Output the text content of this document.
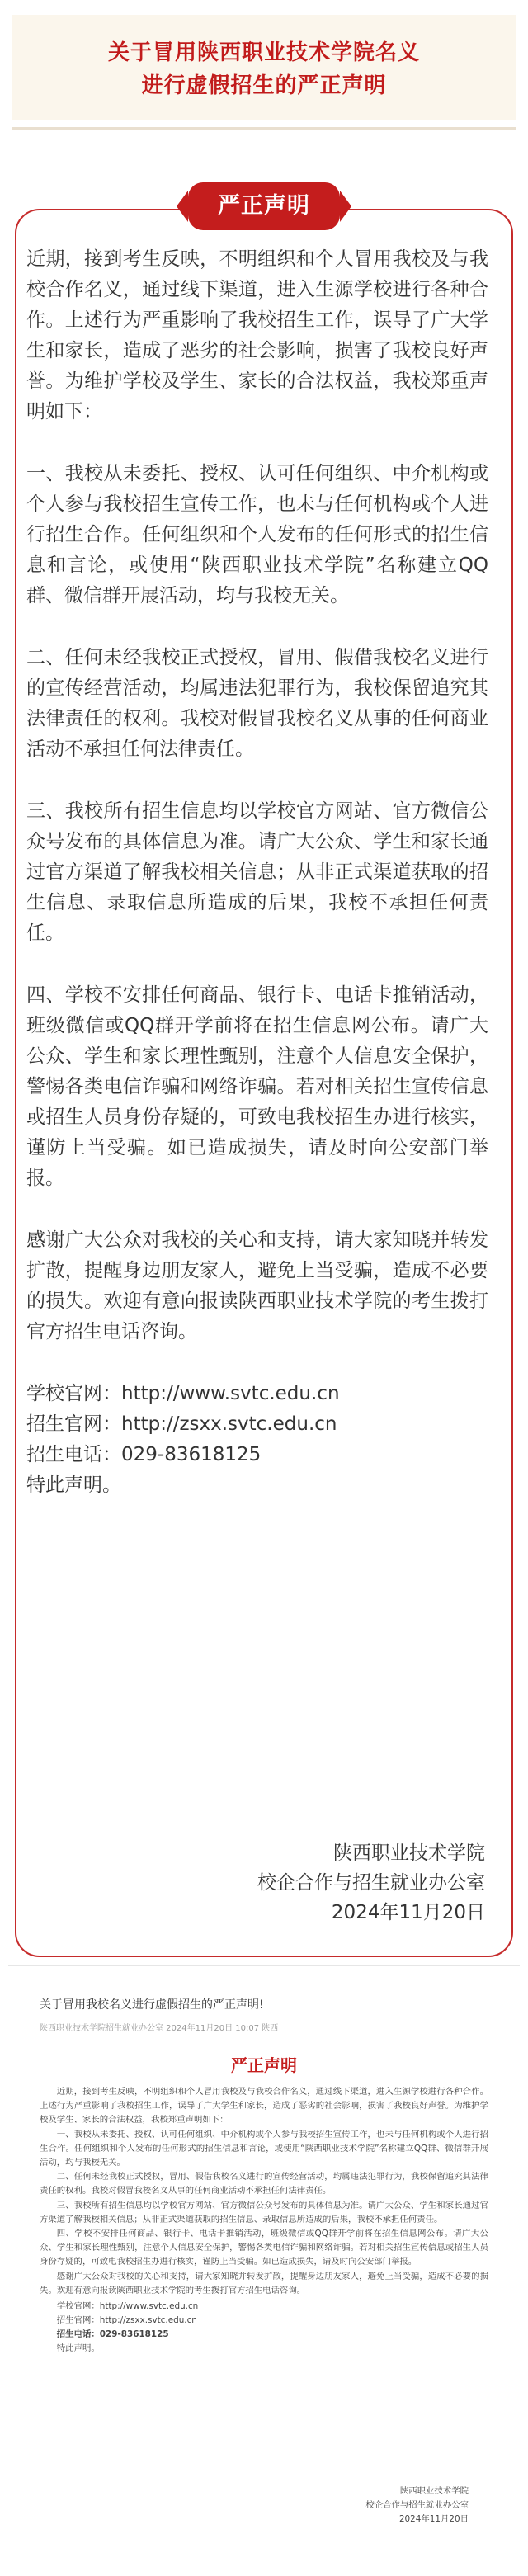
关于冒用陕西职业技术学院名义
进行虚假招生的严正声明
严正声明

近期，接到考生反映，不明组织和个人冒用我校及与我校合作名义，通过线下渠道，进入生源学校进行各种合作。上述行为严重影响了我校招生工作，误导了广大学生和家长，造成了恶劣的社会影响，损害了我校良好声誉。为维护学校及学生、家长的合法权益，我校郑重声明如下：

一、我校从未委托、授权、认可任何组织、中介机构或个人参与我校招生宣传工作，也未与任何机构或个人进行招生合作。任何组织和个人发布的任何形式的招生信息和言论，或使用“陕西职业技术学院”名称建立QQ群、微信群开展活动，均与我校无关。

二、任何未经我校正式授权，冒用、假借我校名义进行的宣传经营活动，均属违法犯罪行为，我校保留追究其法律责任的权利。我校对假冒我校名义从事的任何商业活动不承担任何法律责任。

三、我校所有招生信息均以学校官方网站、官方微信公众号发布的具体信息为准。请广大公众、学生和家长通过官方渠道了解我校相关信息；从非正式渠道获取的招生信息、录取信息所造成的后果，我校不承担任何责任。

四、学校不安排任何商品、银行卡、电话卡推销活动，班级微信或QQ群开学前将在招生信息网公布。请广大公众、学生和家长理性甄别，注意个人信息安全保护，警惕各类电信诈骗和网络诈骗。若对相关招生宣传信息或招生人员身份存疑的，可致电我校招生办进行核实，谨防上当受骗。如已造成损失，请及时向公安部门举报。

感谢广大公众对我校的关心和支持，请大家知晓并转发扩散，提醒身边朋友家人，避免上当受骗，造成不必要的损失。欢迎有意向报读陕西职业技术学院的考生拨打官方招生电话咨询。

学校官网：http://www.svtc.edu.cn

招生官网：http://zsxx.svtc.edu.cn

招生电话：029-83618125

特此声明。

陕西职业技术学院
校企合作与招生就业办公室
2024年11月20日
关于冒用我校名义进行虚假招生的严正声明!
陕西职业技术学院招生就业办公室 2024年11月20日 10:07 陕西
严正声明

近期，接到考生反映，不明组织和个人冒用我校及与我校合作名义，通过线下渠道，进入生源学校进行各种合作。上述行为严重影响了我校招生工作，误导了广大学生和家长，造成了恶劣的社会影响，损害了我校良好声誉。为维护学校及学生、家长的合法权益，我校郑重声明如下：

一、我校从未委托、授权、认可任何组织、中介机构或个人参与我校招生宣传工作，也未与任何机构或个人进行招生合作。任何组织和个人发布的任何形式的招生信息和言论，或使用“陕西职业技术学院”名称建立QQ群、微信群开展活动，均与我校无关。

二、任何未经我校正式授权，冒用、假借我校名义进行的宣传经营活动，均属违法犯罪行为，我校保留追究其法律责任的权利。我校对假冒我校名义从事的任何商业活动不承担任何法律责任。

三、我校所有招生信息均以学校官方网站、官方微信公众号发布的具体信息为准。请广大公众、学生和家长通过官方渠道了解我校相关信息；从非正式渠道获取的招生信息、录取信息所造成的后果，我校不承担任何责任。

四、学校不安排任何商品、银行卡、电话卡推销活动，班级微信或QQ群开学前将在招生信息网公布。请广大公众、学生和家长理性甄别，注意个人信息安全保护，警惕各类电信诈骗和网络诈骗。若对相关招生宣传信息或招生人员身份存疑的，可致电我校招生办进行核实，谨防上当受骗。如已造成损失，请及时向公安部门举报。

感谢广大公众对我校的关心和支持，请大家知晓并转发扩散，提醒身边朋友家人，避免上当受骗，造成不必要的损失。欢迎有意向报读陕西职业技术学院的考生拨打官方招生电话咨询。

学校官网：http://www.svtc.edu.cn
招生官网：http://zsxx.svtc.edu.cn
招生电话：029-83618125
特此声明。
陕西职业技术学院
校企合作与招生就业办公室
2024年11月20日
